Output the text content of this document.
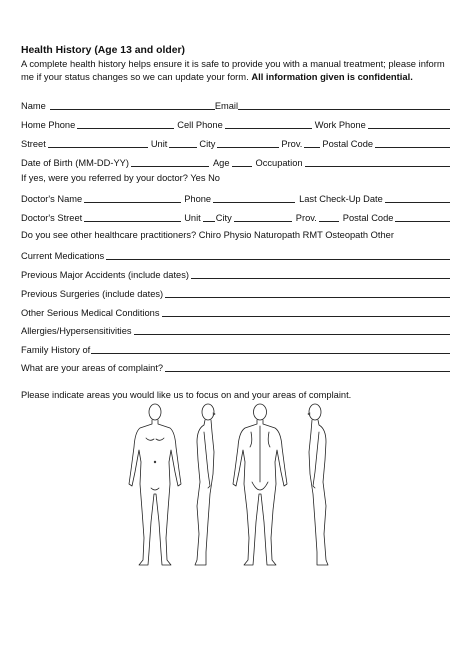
Health History (Age 13 and older)
A complete health history helps ensure it is safe to provide you with a manual treatment; please inform me if your status changes so we can update your form. All information given is confidential.
Name	Email
Home Phone	Cell Phone	Work Phone
Street	Unit	City	Prov. Postal Code
Date of Birth (MM-DD-YY)	Age	Occupation
If yes, were you referred by your doctor? Yes No
Doctor's Name	Phone	Last Check-Up Date
Doctor's Street	Unit City	Prov.	Postal Code
Do you see other healthcare practitioners? Chiro Physio Naturopath RMT Osteopath Other
Current Medications
Previous Major Accidents (include dates)
Previous Surgeries (include dates)
Other Serious Medical Conditions
Allergies/Hypersensitivities
Family History of
What are your areas of complaint?
Please indicate areas you would like us to focus on and your areas of complaint.
